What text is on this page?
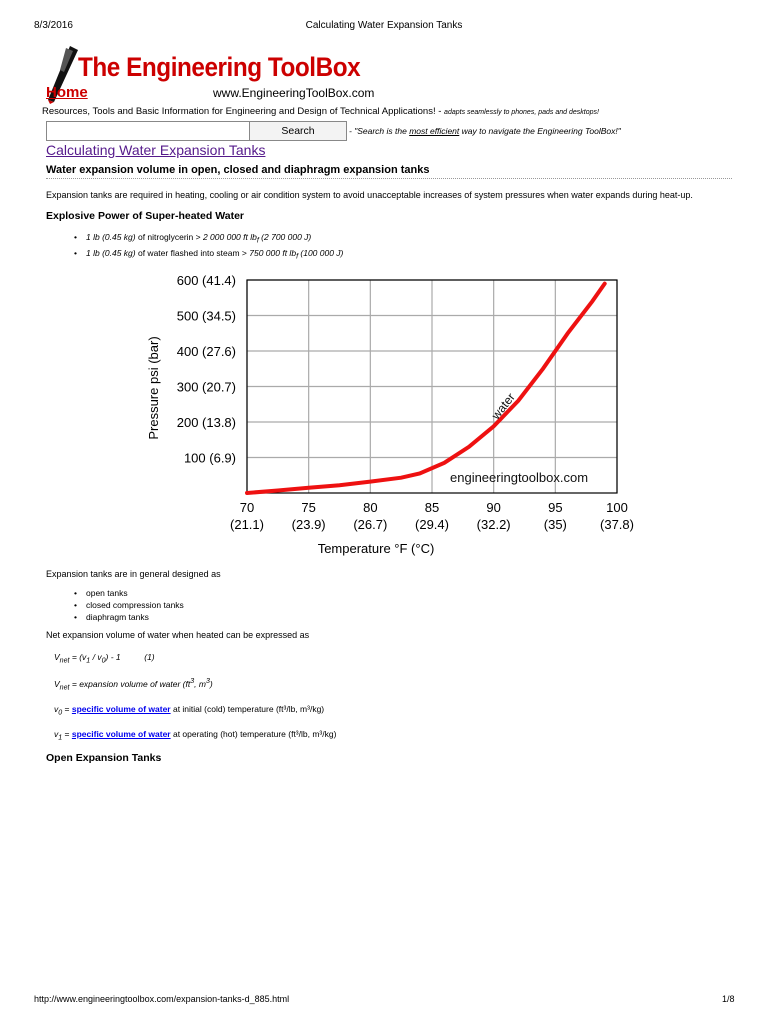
8/3/2016	Calculating Water Expansion Tanks
The Engineering ToolBox
Home	www.EngineeringToolBox.com
Resources, Tools and Basic Information for Engineering and Design of Technical Applications! - adapts seamlessly to phones, pads and desktops!
Search	- "Search is the most efficient way to navigate the Engineering ToolBox!"
Calculating Water Expansion Tanks
Water expansion volume in open, closed and diaphragm expansion tanks
Expansion tanks are required in heating, cooling or air condition system to avoid unacceptable increases of system pressures when water expands during heat-up.
Explosive Power of Super-heated Water
• 1 lb (0.45 kg) of nitroglycerin > 2 000 000 ft $lb_f$ (2 700 000 J)
• 1 lb (0.45 kg) of water flashed into steam > 750 000 ft $lb_f$ (100 000 J)
engineeringtoolbox.com
100 (6.9)
200 (13.8)
300 (20.7)
400 (27.6)
500 (34.5)
600 (41.4)
70
(21.1)
75
(23.9)
80
(26.7)
85
(29.4)
90
(32.2)
95
(35)
100
(37.8)
water
Pressure psi (bar)
Temperature °F (°C)
Expansion tanks are in general designed as
• open tanks
• closed compression tanks
• diaphragm tanks
Net expansion volume of water when heated can be expressed as
$V_{net} = (v_1 / v_0) - 1$          (1)
$V_{net}$ = expansion volume of water ($ft^3$, $m^3$)
$v_0$ = specific volume of water at initial (cold) temperature (ft³/lb, m³/kg)
$v_1$ = specific volume of water at operating (hot) temperature (ft³/lb, m³/kg)
Open Expansion Tanks
http://www.engineeringtoolbox.com/expansion-tanks-d_885.html	1/8
